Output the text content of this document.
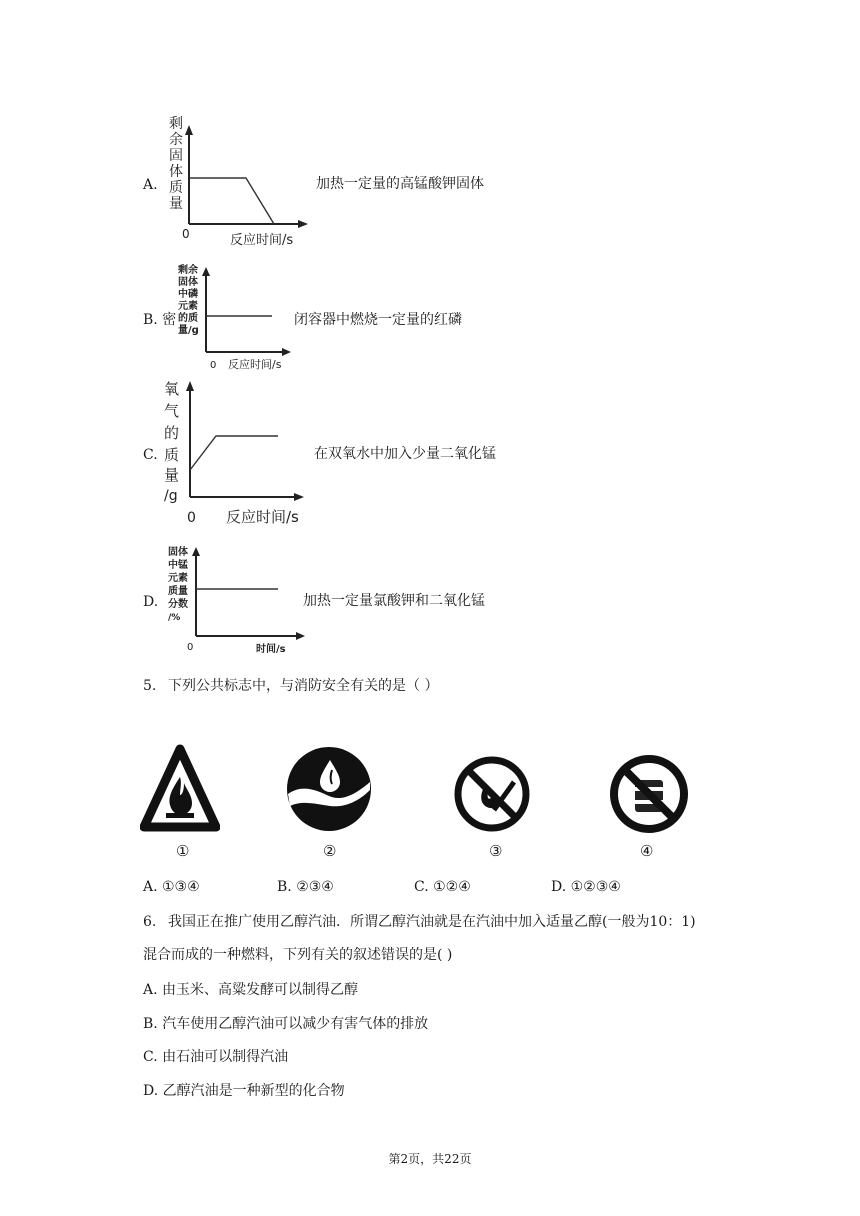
A.
剩
余
固
体
质
量
0	反应时间/s
加热一定量的高锰酸钾固体
B. 密
剩余
固体
中磷
元素
的质
量/g
0 反应时间/s
闭容器中燃烧一定量的红磷
C.
氧
气
的
质
量
/g
0 反应时间/s
在双氧水中加入少量二氧化锰
D.
固体
中锰
元素
质量
分数
/%
0	时间/s
加热一定量氯酸钾和二氧化锰
5. 下列公共标志中，与消防安全有关的是（ ）
①	②	③	④
A. ①③④	B. ②③④	C. ①②④	D. ①②③④
6. 我国正在推广使用乙醇汽油．所谓乙醇汽油就是在汽油中加入适量乙醇(一般为10：1)
混合而成的一种燃料，下列有关的叙述错误的是( )
A. 由玉米、高粱发酵可以制得乙醇
B. 汽车使用乙醇汽油可以减少有害气体的排放
C. 由石油可以制得汽油
D. 乙醇汽油是一种新型的化合物
第2页，共22页
